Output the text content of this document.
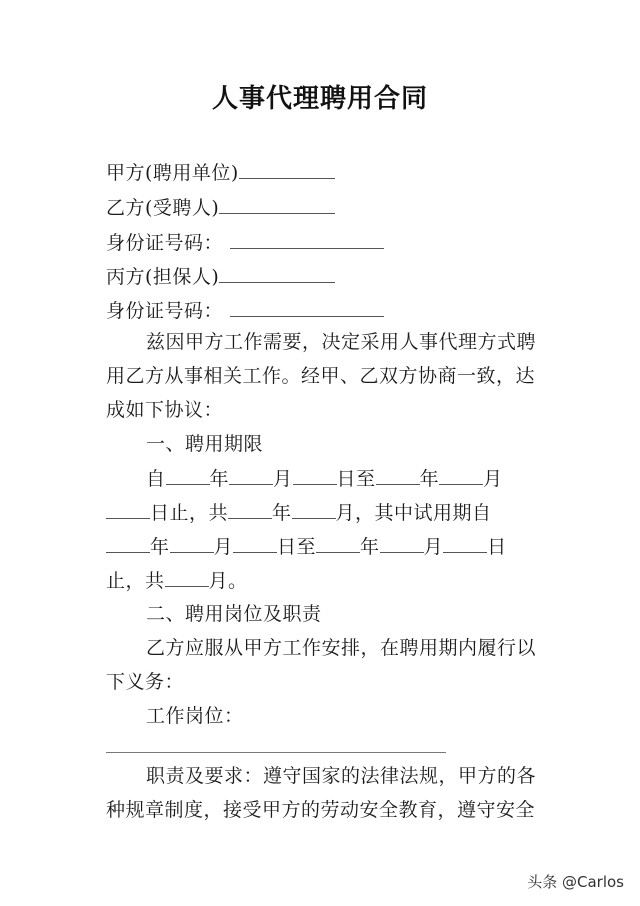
人事代理聘用合同
甲方(聘用单位)
乙方(受聘人)
身份证号码：
丙方(担保人)
身份证号码：
兹因甲方工作需要，决定采用人事代理方式聘
用乙方从事相关工作。经甲、乙双方协商一致，达
成如下协议：
一、聘用期限
自 年 月 日至 年 月
日止，共 年 月，其中试用期自
年 月 日至 年 月 日
止，共 月。
二、聘用岗位及职责
乙方应服从甲方工作安排，在聘用期内履行以
下义务：
工作岗位：
职责及要求：遵守国家的法律法规，甲方的各
种规章制度，接受甲方的劳动安全教育，遵守安全
头条 @Carlos
